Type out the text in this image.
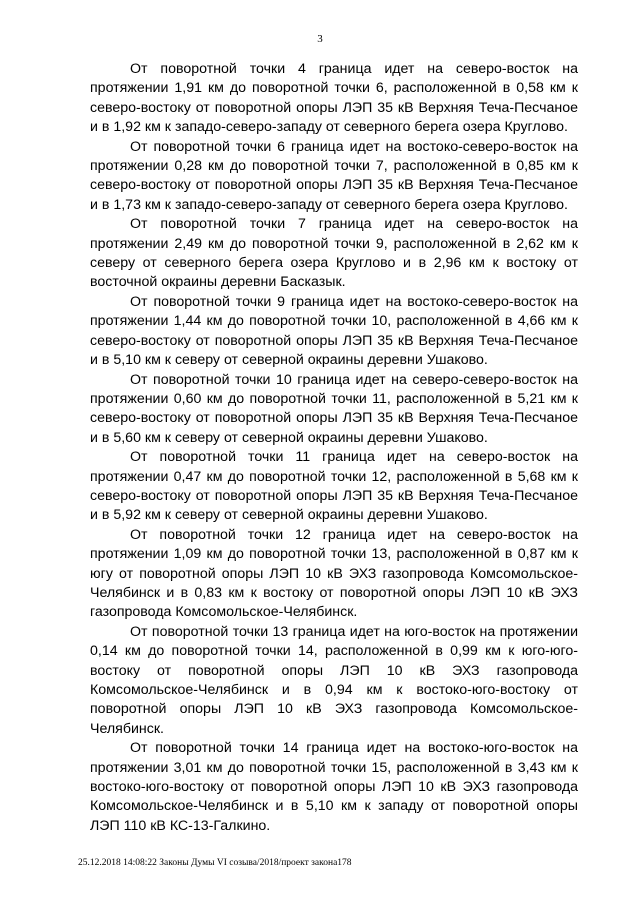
3

От поворотной точки 4 граница идет на северо-восток на протяжении 1,91 км до поворотной точки 6, расположенной в 0,58 км к северо-востоку от поворотной опоры ЛЭП 35 кВ Верхняя Теча-Песчаное и в 1,92 км к западо-северо-западу от северного берега озера Круглово.

От поворотной точки 6 граница идет на востоко-северо-восток на протяжении 0,28 км до поворотной точки 7, расположенной в 0,85 км к северо-востоку от поворотной опоры ЛЭП 35 кВ Верхняя Теча-Песчаное и в 1,73 км к западо-северо-западу от северного берега озера Круглово.

От поворотной точки 7 граница идет на северо-восток на протяжении 2,49 км до поворотной точки 9, расположенной в 2,62 км к северу от северного берега озера Круглово и в 2,96 км к востоку от восточной окраины деревни Басказык.

От поворотной точки 9 граница идет на востоко-северо-восток на протяжении 1,44 км до поворотной точки 10, расположенной в 4,66 км к северо-востоку от поворотной опоры ЛЭП 35 кВ Верхняя Теча-Песчаное и в 5,10 км к северу от северной окраины деревни Ушаково.

От поворотной точки 10 граница идет на северо-северо-восток на протяжении 0,60 км до поворотной точки 11, расположенной в 5,21 км к северо-востоку от поворотной опоры ЛЭП 35 кВ Верхняя Теча-Песчаное и в 5,60 км к северу от северной окраины деревни Ушаково.

От поворотной точки 11 граница идет на северо-восток на протяжении 0,47 км до поворотной точки 12, расположенной в 5,68 км к северо-востоку от поворотной опоры ЛЭП 35 кВ Верхняя Теча-Песчаное и в 5,92 км к северу от северной окраины деревни Ушаково.

От поворотной точки 12 граница идет на северо-восток на протяжении 1,09 км до поворотной точки 13, расположенной в 0,87 км к югу от поворотной опоры ЛЭП 10 кВ ЭХЗ газопровода Комсомольское-Челябинск и в 0,83 км к востоку от поворотной опоры ЛЭП 10 кВ ЭХЗ газопровода Комсомольское-Челябинск.

От поворотной точки 13 граница идет на юго-восток на протяжении 0,14 км до поворотной точки 14, расположенной в 0,99 км к юго-юго-востоку от поворотной опоры ЛЭП 10 кВ ЭХЗ газопровода Комсомольское-Челябинск и в 0,94 км к востоко-юго-востоку от поворотной опоры ЛЭП 10 кВ ЭХЗ газопровода Комсомольское-Челябинск.

От поворотной точки 14 граница идет на востоко-юго-восток на протяжении 3,01 км до поворотной точки 15, расположенной в 3,43 км к востоко-юго-востоку от поворотной опоры ЛЭП 10 кВ ЭХЗ газопровода Комсомольское-Челябинск и в 5,10 км к западу от поворотной опоры ЛЭП 110 кВ КС-13-Галкино.

25.12.2018 14:08:22 Законы Думы VI созыва/2018/проект закона178
